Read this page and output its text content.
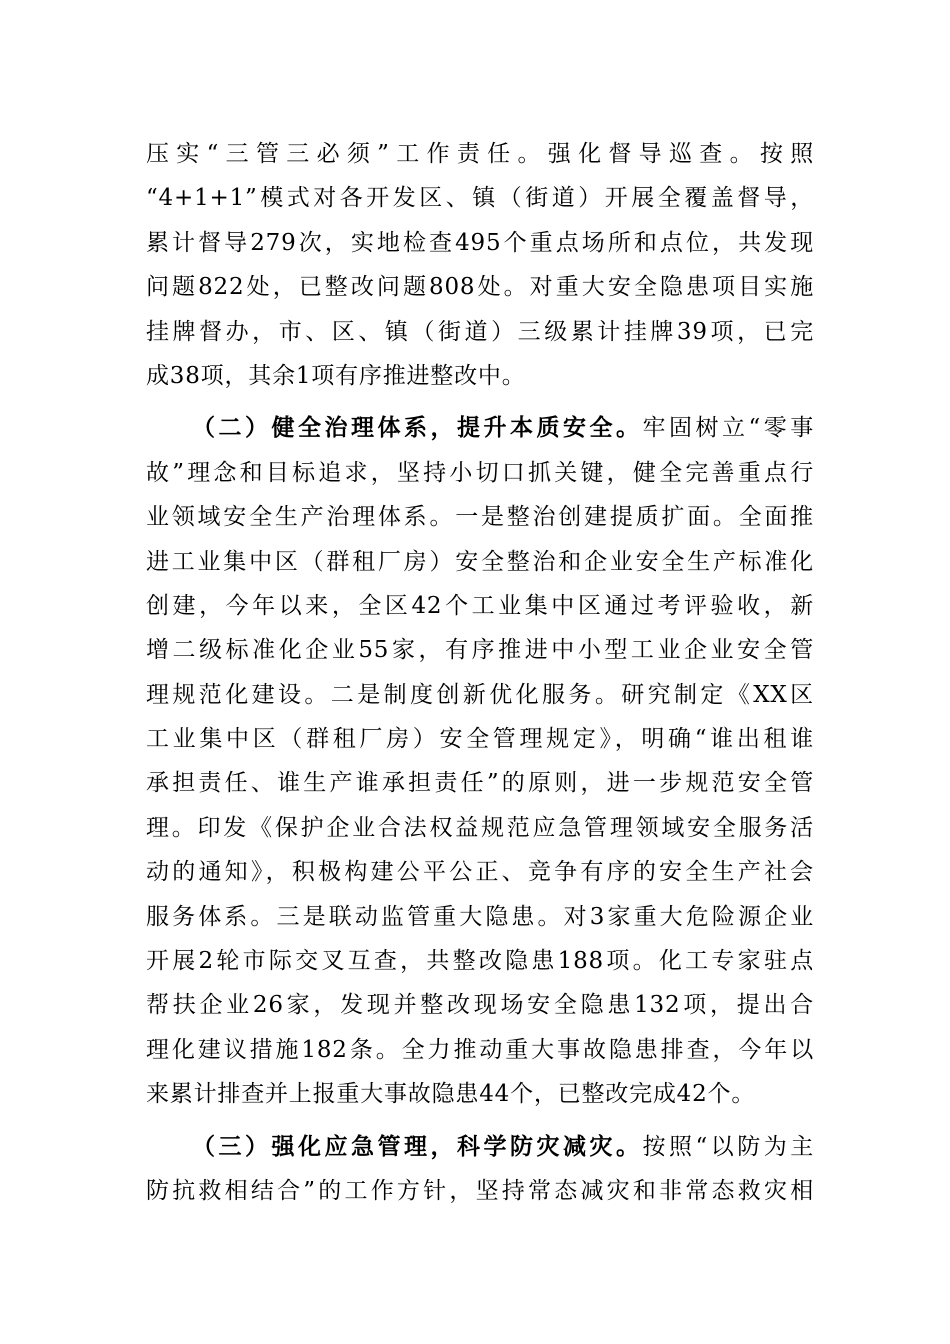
压实“三管三必须”工作责任。强化督导巡查。按照
“4+1+1”模式对各开发区、镇（街道）开展全覆盖督导，
累计督导279次，实地检查495个重点场所和点位，共发现
问题822处，已整改问题808处。对重大安全隐患项目实施
挂牌督办，市、区、镇（街道）三级累计挂牌39项，已完
成38项，其余1项有序推进整改中。
（二）健全治理体系，提升本质安全。牢固树立“零事
故”理念和目标追求，坚持小切口抓关键，健全完善重点行
业领域安全生产治理体系。一是整治创建提质扩面。全面推
进工业集中区（群租厂房）安全整治和企业安全生产标准化
创建，今年以来，全区42个工业集中区通过考评验收，新
增二级标准化企业55家，有序推进中小型工业企业安全管
理规范化建设。二是制度创新优化服务。研究制定《XX区
工业集中区（群租厂房）安全管理规定》，明确“谁出租谁
承担责任、谁生产谁承担责任”的原则，进一步规范安全管
理。印发《保护企业合法权益规范应急管理领域安全服务活
动的通知》，积极构建公平公正、竞争有序的安全生产社会
服务体系。三是联动监管重大隐患。对3家重大危险源企业
开展2轮市际交叉互查，共整改隐患188项。化工专家驻点
帮扶企业26家，发现并整改现场安全隐患132项，提出合
理化建议措施182条。全力推动重大事故隐患排查，今年以
来累计排查并上报重大事故隐患44个，已整改完成42个。
（三）强化应急管理，科学防灾减灾。按照“以防为主
防抗救相结合”的工作方针，坚持常态减灾和非常态救灾相
